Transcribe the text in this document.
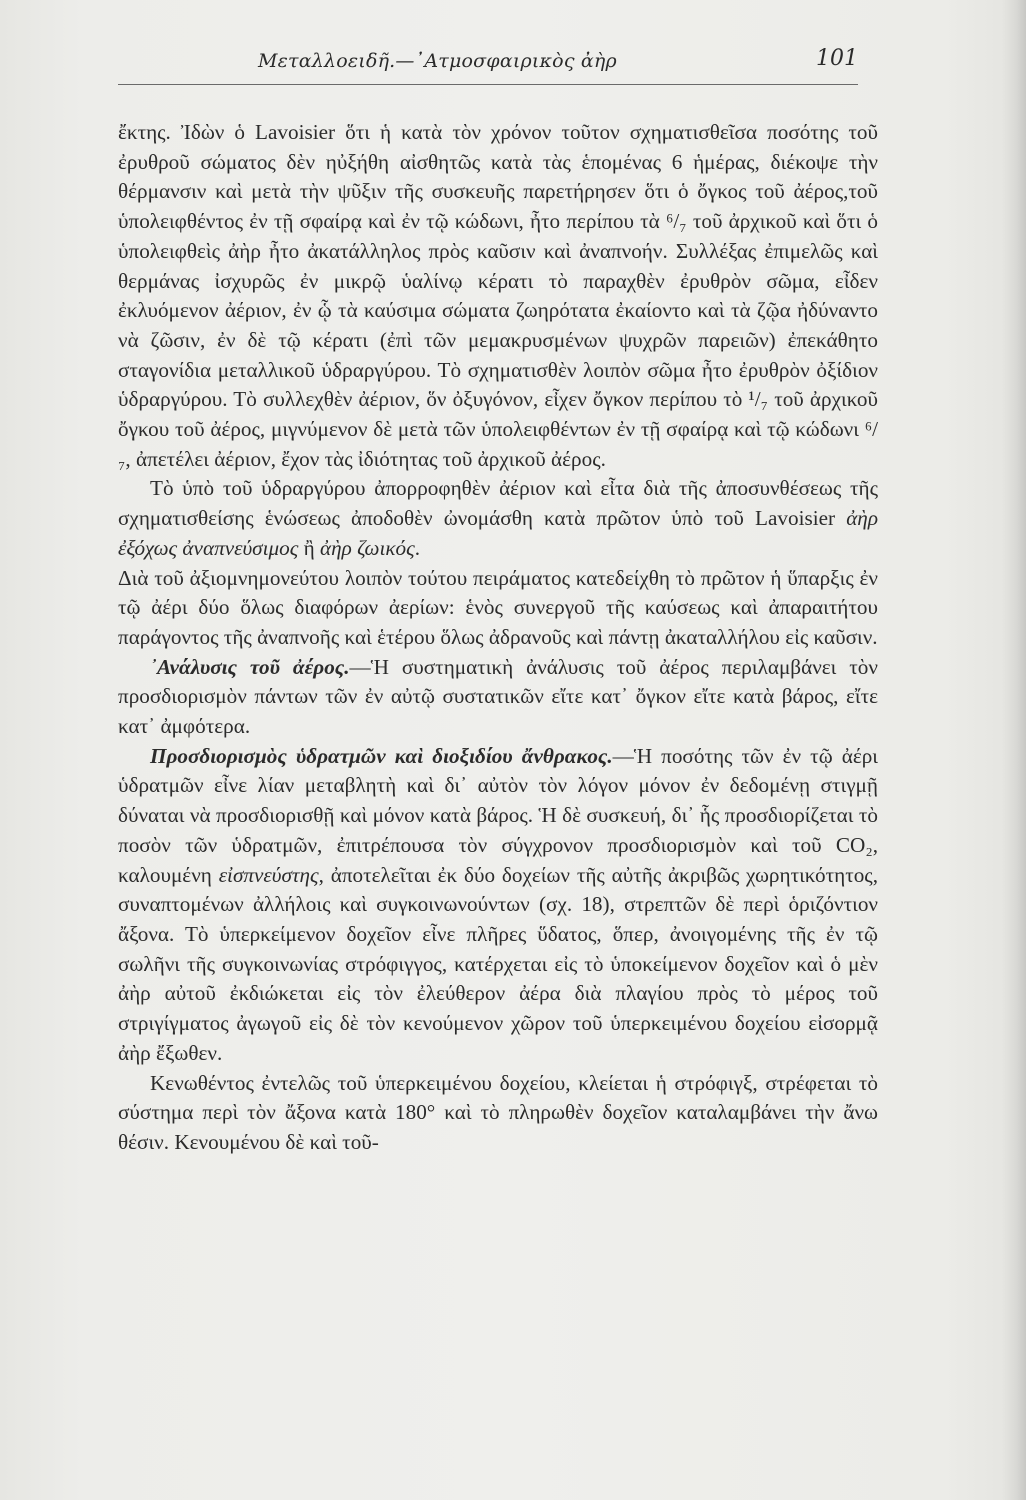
Μεταλλοειδῆ.—᾿Ατμοσφαιρικὸς ἀὴρ	101

ἔκτης. Ἰδὼν ὁ Lavoisier ὅτι ἡ κατὰ τὸν χρόνον τοῦτον σχηματισθεῖσα ποσότης τοῦ ἐρυθροῦ σώματος δὲν ηὐξήθη αἰσθητῶς κατὰ τὰς ἑπομένας 6 ἡμέρας, διέκοψε τὴν θέρμανσιν καὶ μετὰ τὴν ψῦξιν τῆς συσκευῆς παρετήρησεν ὅτι ὁ ὄγκος τοῦ ἀέρος,τοῦ ὑπολειφθέντος ἐν τῇ σφαίρᾳ καὶ ἐν τῷ κώδωνι, ἦτο περίπου τὰ ⁶/₇ τοῦ ἀρχικοῦ καὶ ὅτι ὁ ὑπολειφθεὶς ἀὴρ ἦτο ἀκατάλληλος πρὸς καῦσιν καὶ ἀναπνοήν. Συλλέξας ἐπιμελῶς καὶ θερμάνας ἰσχυρῶς ἐν μικρῷ ὑαλίνῳ κέρατι τὸ παραχθὲν ἐρυθρὸν σῶμα, εἶδεν ἐκλυόμενον ἀέριον, ἐν ᾧ τὰ καύσιμα σώματα ζωηρότατα ἐκαίοντο καὶ τὰ ζῷα ἠδύναντο νὰ ζῶσιν, ἐν δὲ τῷ κέρατι (ἐπὶ τῶν μεμακρυσμένων ψυχρῶν παρειῶν) ἐπεκάθητο σταγονίδια μεταλλικοῦ ὑδραργύρου. Τὸ σχηματισθὲν λοιπὸν σῶμα ἦτο ἐρυθρὸν ὀξίδιον ὑδραργύρου. Τὸ συλλεχθὲν ἀέριον, ὅν ὀξυγόνον, εἶχεν ὄγκον περίπου τὸ ¹/₇ τοῦ ἀρχικοῦ ὄγκου τοῦ ἀέρος, μιγνύμενον δὲ μετὰ τῶν ὑπολειφθέντων ἐν τῇ σφαίρᾳ καὶ τῷ κώδωνι ⁶/₇, ἀπετέλει ἀέριον, ἔχον τὰς ἰδιότητας τοῦ ἀρχικοῦ ἀέρος.

Τὸ ὑπὸ τοῦ ὑδραργύρου ἀπορροφηθὲν ἀέριον καὶ εἶτα διὰ τῆς ἀποσυνθέσεως τῆς σχηματισθείσης ἑνώσεως ἀποδοθὲν ὠνομάσθη κατὰ πρῶτον ὑπὸ τοῦ Lavoisier ἀὴρ ἐξόχως ἀναπνεύσιμος ἢ ἀὴρ ζωικός.

Διὰ τοῦ ἀξιομνημονεύτου λοιπὸν τούτου πειράματος κατεδείχθη τὸ πρῶτον ἡ ὕπαρξις ἐν τῷ ἀέρι δύο ὅλως διαφόρων ἀερίων: ἑνὸς συνεργοῦ τῆς καύσεως καὶ ἀπαραιτήτου παράγοντος τῆς ἀναπνοῆς καὶ ἑτέρου ὅλως ἀδρανοῦς καὶ πάντῃ ἀκαταλλήλου εἰς καῦσιν.

᾿Ανάλυσις τοῦ ἀέρος.—Ἡ συστηματικὴ ἀνάλυσις τοῦ ἀέρος περιλαμβάνει τὸν προσδιορισμὸν πάντων τῶν ἐν αὐτῷ συστατικῶν εἴτε κατ᾿ ὄγκον εἴτε κατὰ βάρος, εἴτε κατ᾿ ἀμφότερα.

Προσδιορισμὸς ὑδρατμῶν καὶ διοξιδίου ἄνθρακος.—Ἡ ποσότης τῶν ἐν τῷ ἀέρι ὑδρατμῶν εἶνε λίαν μεταβλητὴ καὶ δι᾿ αὐτὸν τὸν λόγον μόνον ἐν δεδομένῃ στιγμῇ δύναται νὰ προσδιορισθῇ καὶ μόνον κατὰ βάρος. Ἡ δὲ συσκευή, δι᾿ ἧς προσδιορίζεται τὸ ποσὸν τῶν ὑδρατμῶν, ἐπιτρέπουσα τὸν σύγχρονον προσδιορισμὸν καὶ τοῦ CO₂, καλουμένη εἰσπνεύστης, ἀποτελεῖται ἐκ δύο δοχείων τῆς αὐτῆς ἀκριβῶς χωρητικότητος, συναπτομένων ἀλλήλοις καὶ συγκοινωνούντων (σχ. 18), στρεπτῶν δὲ περὶ ὁριζόντιον ἄξονα. Τὸ ὑπερκείμενον δοχεῖον εἶνε πλῆρες ὕδατος, ὅπερ, ἀνοιγομένης τῆς ἐν τῷ σωλῆνι τῆς συγκοινωνίας στρόφιγγος, κατέρχεται εἰς τὸ ὑποκείμενον δοχεῖον καὶ ὁ μὲν ἀὴρ αὐτοῦ ἐκδιώκεται εἰς τὸν ἐλεύθερον ἀέρα διὰ πλαγίου πρὸς τὸ μέρος τοῦ στριγίγματος ἀγωγοῦ εἰς δὲ τὸν κενούμενον χῶρον τοῦ ὑπερκειμένου δοχείου εἰσορμᾷ ἀὴρ ἔξωθεν.

Κενωθέντος ἐντελῶς τοῦ ὑπερκειμένου δοχείου, κλείεται ἡ στρόφιγξ, στρέφεται τὸ σύστημα περὶ τὸν ἄξονα κατὰ 180° καὶ τὸ πληρωθὲν δοχεῖον καταλαμβάνει τὴν ἄνω θέσιν. Κενουμένου δὲ καὶ τοῦ-
